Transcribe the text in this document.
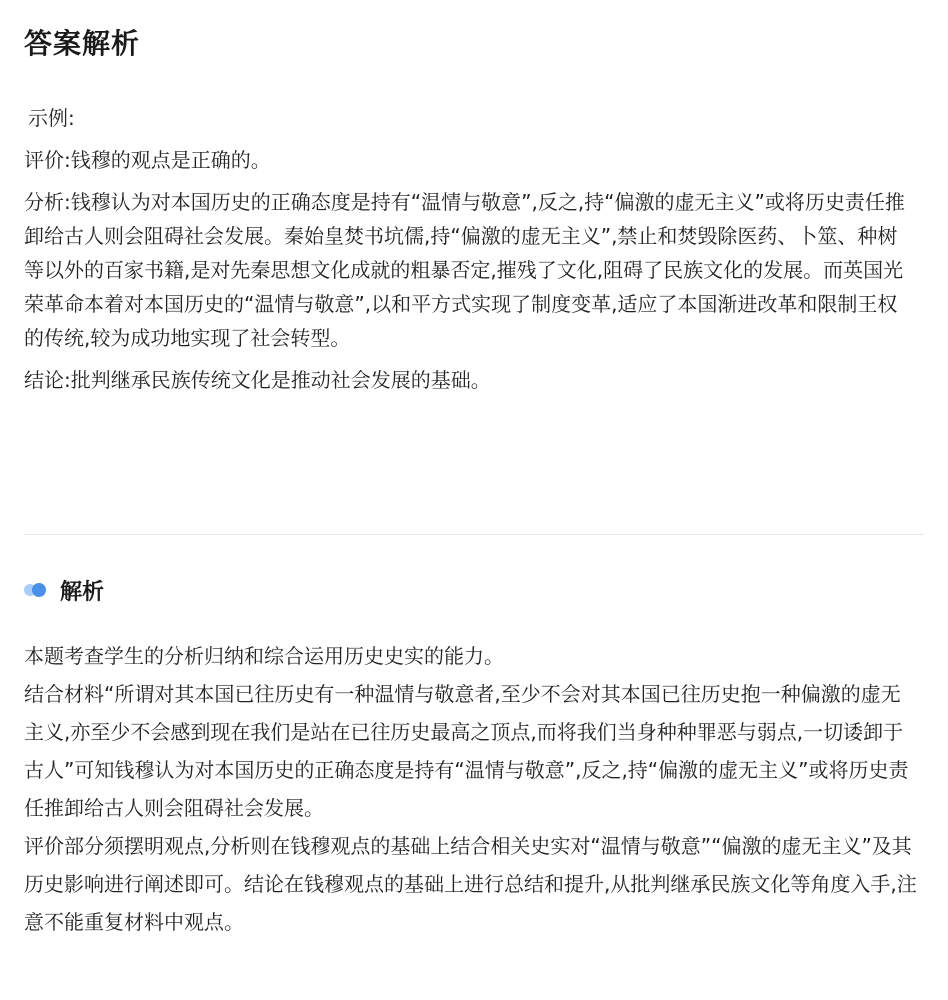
答案解析

示例:

评价:钱穆的观点是正确的。

分析:钱穆认为对本国历史的正确态度是持有“温情与敬意”,反之,持“偏激的虚无主义”或将历史责任推卸给古人则会阻碍社会发展。秦始皇焚书坑儒,持“偏激的虚无主义”,禁止和焚毁除医药、卜筮、种树等以外的百家书籍,是对先秦思想文化成就的粗暴否定,摧残了文化,阻碍了民族文化的发展。而英国光荣革命本着对本国历史的“温情与敬意”,以和平方式实现了制度变革,适应了本国渐进改革和限制王权的传统,较为成功地实现了社会转型。

结论:批判继承民族传统文化是推动社会发展的基础。

解析

本题考查学生的分析归纳和综合运用历史史实的能力。

结合材料“所谓对其本国已往历史有一种温情与敬意者,至少不会对其本国已往历史抱一种偏激的虚无主义,亦至少不会感到现在我们是站在已往历史最高之顶点,而将我们当身种种罪恶与弱点,一切诿卸于古人”可知钱穆认为对本国历史的正确态度是持有“温情与敬意”,反之,持“偏激的虚无主义”或将历史责任推卸给古人则会阻碍社会发展。

评价部分须摆明观点,分析则在钱穆观点的基础上结合相关史实对“温情与敬意”“偏激的虚无主义”及其历史影响进行阐述即可。结论在钱穆观点的基础上进行总结和提升,从批判继承民族文化等角度入手,注意不能重复材料中观点。
